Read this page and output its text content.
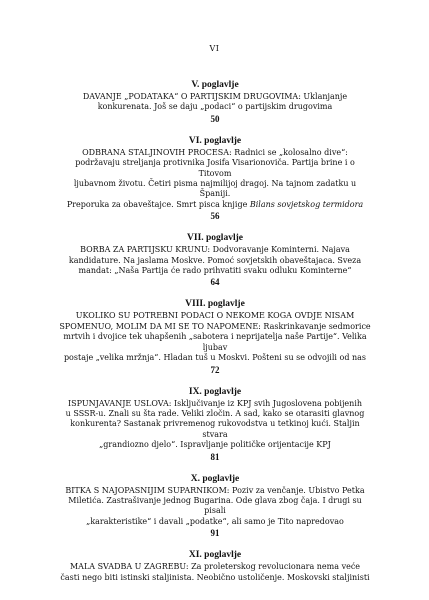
VI
V. poglavlje
DAVANJE „PODATAKA“ O PARTIJSKIM DRUGOVIMA: Uklanjanje
konkurenata. Još se daju „podaci“ o partijskim drugovima
50
VI. poglavlje
ODBRANA STALJINOVIH PROCESA: Radnici se „kolosalno dive“:
podržavaju streljanja protivnika Josifa Visarionoviča. Partija brine i o Titovom
ljubavnom životu. Četiri pisma najmilijoj dragoj. Na tajnom zadatku u Španiji.
Preporuka za obaveštajce. Smrt pisca knjige Bilans sovjetskog termidora
56
VII. poglavlje
BORBA ZA PARTIJSKU KRUNU: Dodvoravanje Kominterni. Najava
kandidature. Na jaslama Moskve. Pomoć sovjetskih obaveštajaca. Sveza
mandat: „Naša Partija će rado prihvatiti svaku odluku Kominterne“
64
VIII. poglavlje
UKOLIKO SU POTREBNI PODACI O NEKOME KOGA OVDJE NISAM
SPOMENUO, MOLIM DA MI SE TO NAPOMENE: Raskrinkavanje sedmorice
mrtvih i dvojice tek uhapšenih „sabotera i neprijatelja naše Partije“. Velika ljubav
postaje „velika mržnja“. Hladan tuš u Moskvi. Pošteni su se odvojili od nas
72
IX. poglavlje
ISPUNJAVANJE USLOVA: Isključivanje iz KPJ svih Jugoslovena pobijenih
u SSSR-u. Znali su šta rade. Veliki zločin. A sad, kako se otarasiti glavnog
konkurenta? Sastanak privremenog rukovodstva u tetkinoj kući. Staljin stvara
„grandiozno djelo“. Ispravljanje političke orijentacije KPJ
81
X. poglavlje
BITKA S NAJOPASNIJIM SUPARNIKOM: Poziv za venčanje. Ubistvo Petka
Miletića. Zastrašivanje jednog Bugarina. Ode glava zbog čaja. I drugi su pisali
„karakteristike“ i davali „podatke“, ali samo je Tito napredovao
91
XI. poglavlje
MALA SVADBA U ZAGREBU: Za proleterskog revolucionara nema veće
časti nego biti istinski staljinista. Neobično ustoličenje. Moskovski staljinisti
